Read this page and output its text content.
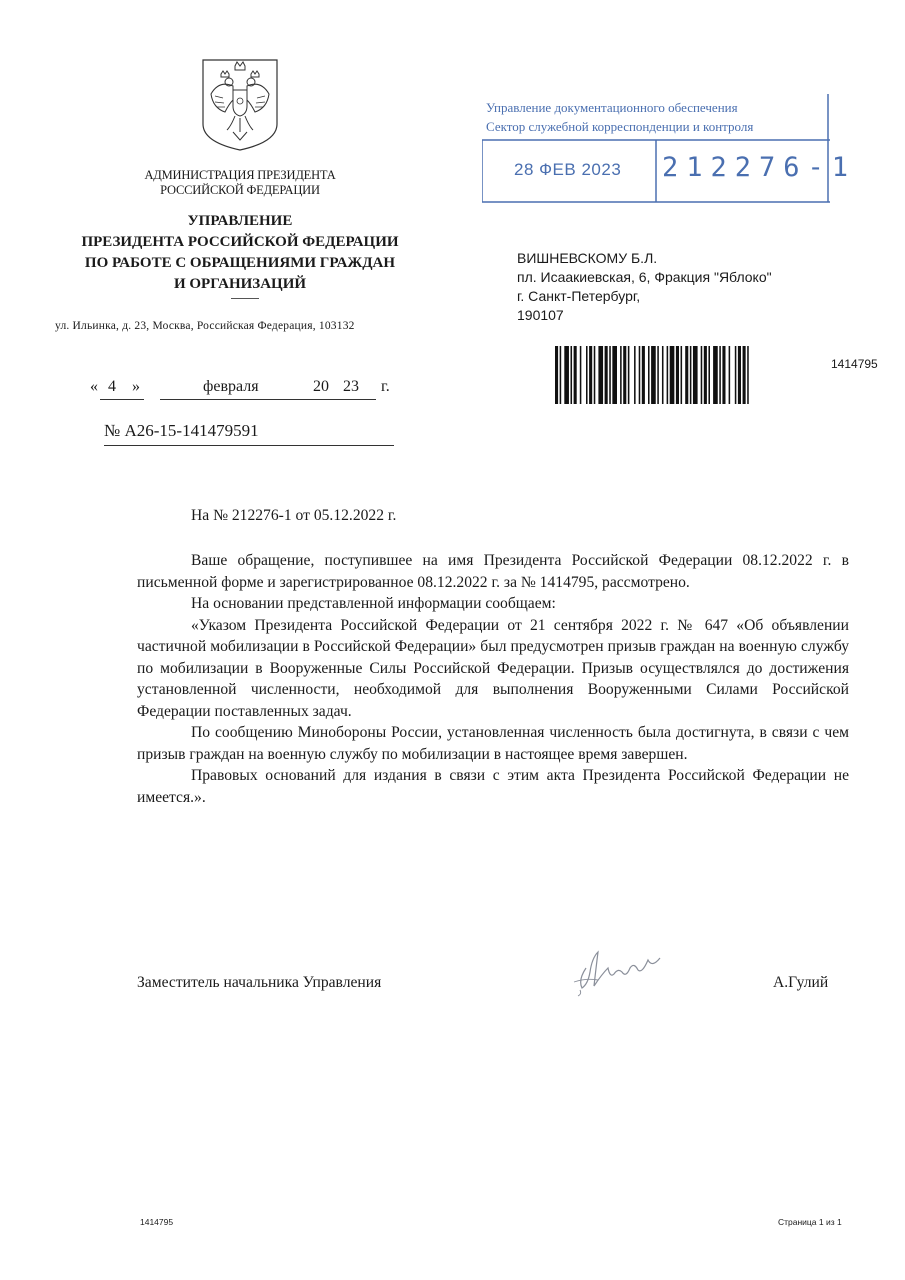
АДМИНИСТРАЦИЯ ПРЕЗИДЕНТА
РОССИЙСКОЙ ФЕДЕРАЦИИ
УПРАВЛЕНИЕ
ПРЕЗИДЕНТА РОССИЙСКОЙ ФЕДЕРАЦИИ
ПО РАБОТЕ С ОБРАЩЕНИЯМИ ГРАЖДАН
И ОРГАНИЗАЦИЙ
ул. Ильинка, д. 23, Москва, Российская Федерация, 103132
Управление документационного обеспечения
Сектор служебной корреспонденции и контроля
28 ФЕВ 2023 212276-1
ВИШНЕВСКОМУ Б.Л.
пл. Исаакиевская, 6, Фракция "Яблоко"
г. Санкт-Петербург,
190107
1414795
« 4 »	февраля	20 23 г.
№ А26-15-141479591
На № 212276-1 от 05.12.2022 г.

Ваше обращение, поступившее на имя Президента Российской Федерации 08.12.2022 г. в письменной форме и зарегистрированное 08.12.2022 г. за № 1414795, рассмотрено.

На основании представленной информации сообщаем:

«Указом Президента Российской Федерации от 21 сентября 2022 г. № 647 «Об объявлении частичной мобилизации в Российской Федерации» был предусмотрен призыв граждан на военную службу по мобилизации в Вооруженные Силы Российской Федерации. Призыв осуществлялся до достижения установленной численности, необходимой для выполнения Вооруженными Силами Российской Федерации поставленных задач.

По сообщению Минобороны России, установленная численность была достигнута, в связи с чем призыв граждан на военную службу по мобилизации в настоящее время завершен.

Правовых оснований для издания в связи с этим акта Президента Российской Федерации не имеется.».

Заместитель начальника Управления	А.Гулий
1414795	Страница 1 из 1
